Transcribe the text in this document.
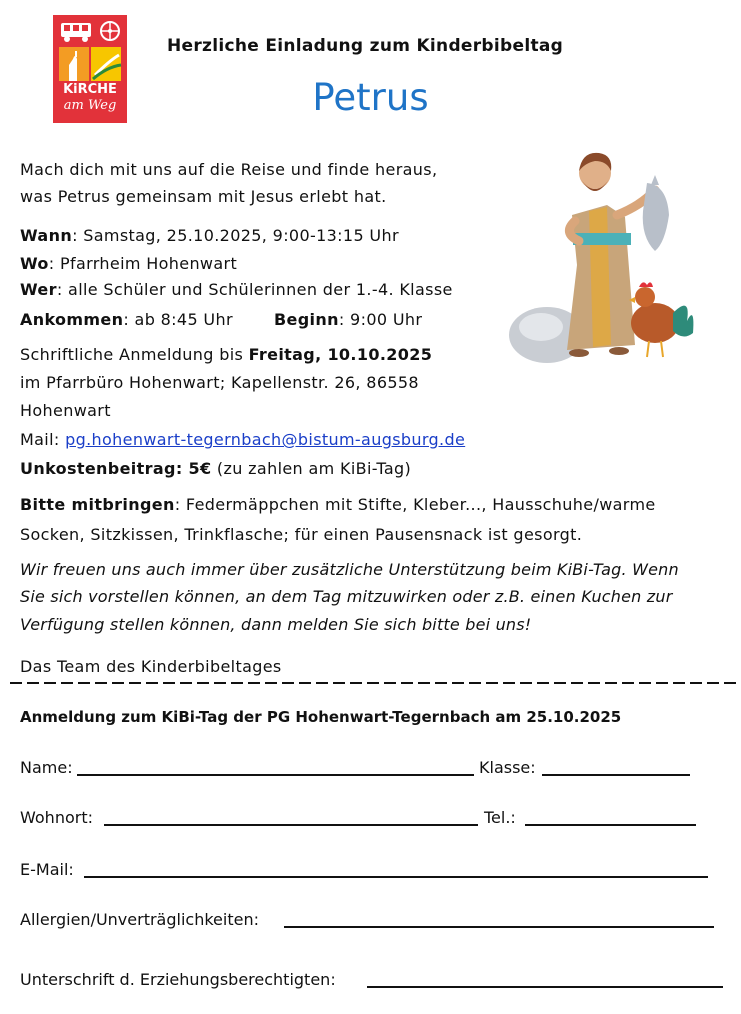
KiRCHE
am Weg
Herzliche Einladung zum Kinderbibeltag
Petrus
Mach dich mit uns auf die Reise und finde heraus,
was Petrus gemeinsam mit Jesus erlebt hat.
Wann: Samstag, 25.10.2025, 9:00-13:15 Uhr
Wo: Pfarrheim Hohenwart
Wer: alle Schüler und Schülerinnen der 1.-4. Klasse
Ankommen: ab 8:45 Uhr	Beginn: 9:00 Uhr
Schriftliche Anmeldung bis Freitag, 10.10.2025
im Pfarrbüro Hohenwart; Kapellenstr. 26, 86558
Hohenwart
Mail: pg.hohenwart-tegernbach@bistum-augsburg.de
Unkostenbeitrag: 5€ (zu zahlen am KiBi-Tag)
Bitte mitbringen: Federmäppchen mit Stifte, Kleber..., Hausschuhe/warme
Socken, Sitzkissen, Trinkflasche; für einen Pausensnack ist gesorgt.
Wir freuen uns auch immer über zusätzliche Unterstützung beim KiBi-Tag. Wenn
Sie sich vorstellen können, an dem Tag mitzuwirken oder z.B. einen Kuchen zur
Verfügung stellen können, dann melden Sie sich bitte bei uns!
Das Team des Kinderbibeltages
Anmeldung zum KiBi-Tag der PG Hohenwart-Tegernbach am 25.10.2025
Name:	Klasse:
Wohnort:	Tel.:
E-Mail:
Allergien/Unverträglichkeiten:
Unterschrift d. Erziehungsberechtigten:
